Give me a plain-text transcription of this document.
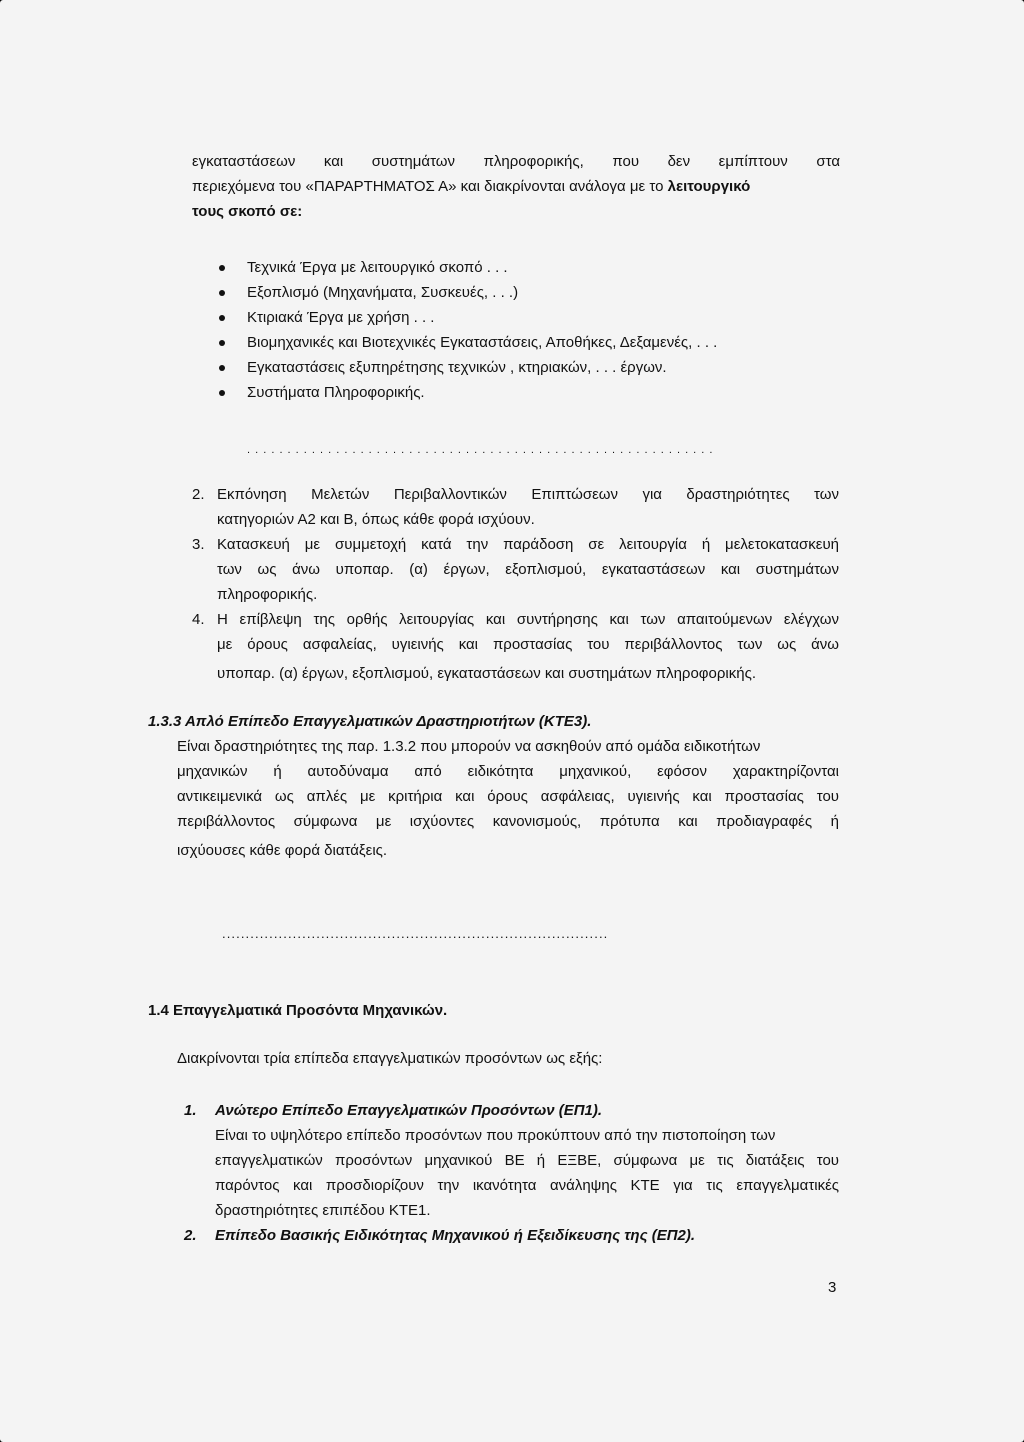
εγκαταστάσεων και συστημάτων πληροφορικής, που δεν εμπίπτουν στα
περιεχόμενα του «ΠΑΡΑΡΤΗΜΑΤΟΣ Α» και διακρίνονται ανάλογα με το λειτουργικό
τους σκοπό σε:
Τεχνικά Έργα με λειτουργικό σκοπό . . .
Εξοπλισμό (Μηχανήματα, Συσκευές, . . .)
Κτιριακά Έργα με χρήση . . .
Βιομηχανικές και Βιοτεχνικές Εγκαταστάσεις, Αποθήκες, Δεξαμενές, . . .
Εγκαταστάσεις εξυπηρέτησης τεχνικών , κτηριακών, . . . έργων.
Συστήματα Πληροφορικής.
. . . . . . . . . . . . . . . . . . . . . . . . . . . . . . . . . . . . . . . . . . . . . . . . . . . . . . . . . .
2. Εκπόνηση Μελετών Περιβαλλοντικών Επιπτώσεων για δραστηριότητες των
κατηγοριών Α2 και Β, όπως κάθε φορά ισχύουν.
3. Κατασκευή με συμμετοχή κατά την παράδοση σε λειτουργία ή μελετοκατασκευή
των ως άνω υποπαρ. (α) έργων, εξοπλισμού, εγκαταστάσεων και συστημάτων
πληροφορικής.
4. Η επίβλεψη της ορθής λειτουργίας και συντήρησης και των απαιτούμενων ελέγχων
με όρους ασφαλείας, υγιεινής και προστασίας του περιβάλλοντος των ως άνω
υποπαρ. (α) έργων, εξοπλισμού, εγκαταστάσεων και συστημάτων πληροφορικής.
1.3.3 Απλό Επίπεδο Επαγγελματικών Δραστηριοτήτων (ΚΤΕ3).
Είναι δραστηριότητες της παρ. 1.3.2 που μπορούν να ασκηθούν από ομάδα ειδικοτήτων
μηχανικών ή αυτοδύναμα από ειδικότητα μηχανικού, εφόσον χαρακτηρίζονται
αντικειμενικά ως απλές με κριτήρια και όρους ασφάλειας, υγιεινής και προστασίας του
περιβάλλοντος σύμφωνα με ισχύοντες κανονισμούς, πρότυπα και προδιαγραφές ή
ισχύουσες κάθε φορά διατάξεις.
..................................................................................
1.4 Επαγγελματικά Προσόντα Μηχανικών.
Διακρίνονται τρία επίπεδα επαγγελματικών προσόντων ως εξής:
1. Ανώτερο Επίπεδο Επαγγελματικών Προσόντων (ΕΠ1).
Είναι το υψηλότερο επίπεδο προσόντων που προκύπτουν από την πιστοποίηση των
επαγγελματικών προσόντων μηχανικού ΒΕ ή ΕΞΒΕ, σύμφωνα με τις διατάξεις του
παρόντος και προσδιορίζουν την ικανότητα ανάληψης ΚΤΕ για τις επαγγελματικές
δραστηριότητες επιπέδου ΚΤΕ1.
2. Επίπεδο Βασικής Ειδικότητας Μηχανικού ή Εξειδίκευσης της (ΕΠ2).
3
